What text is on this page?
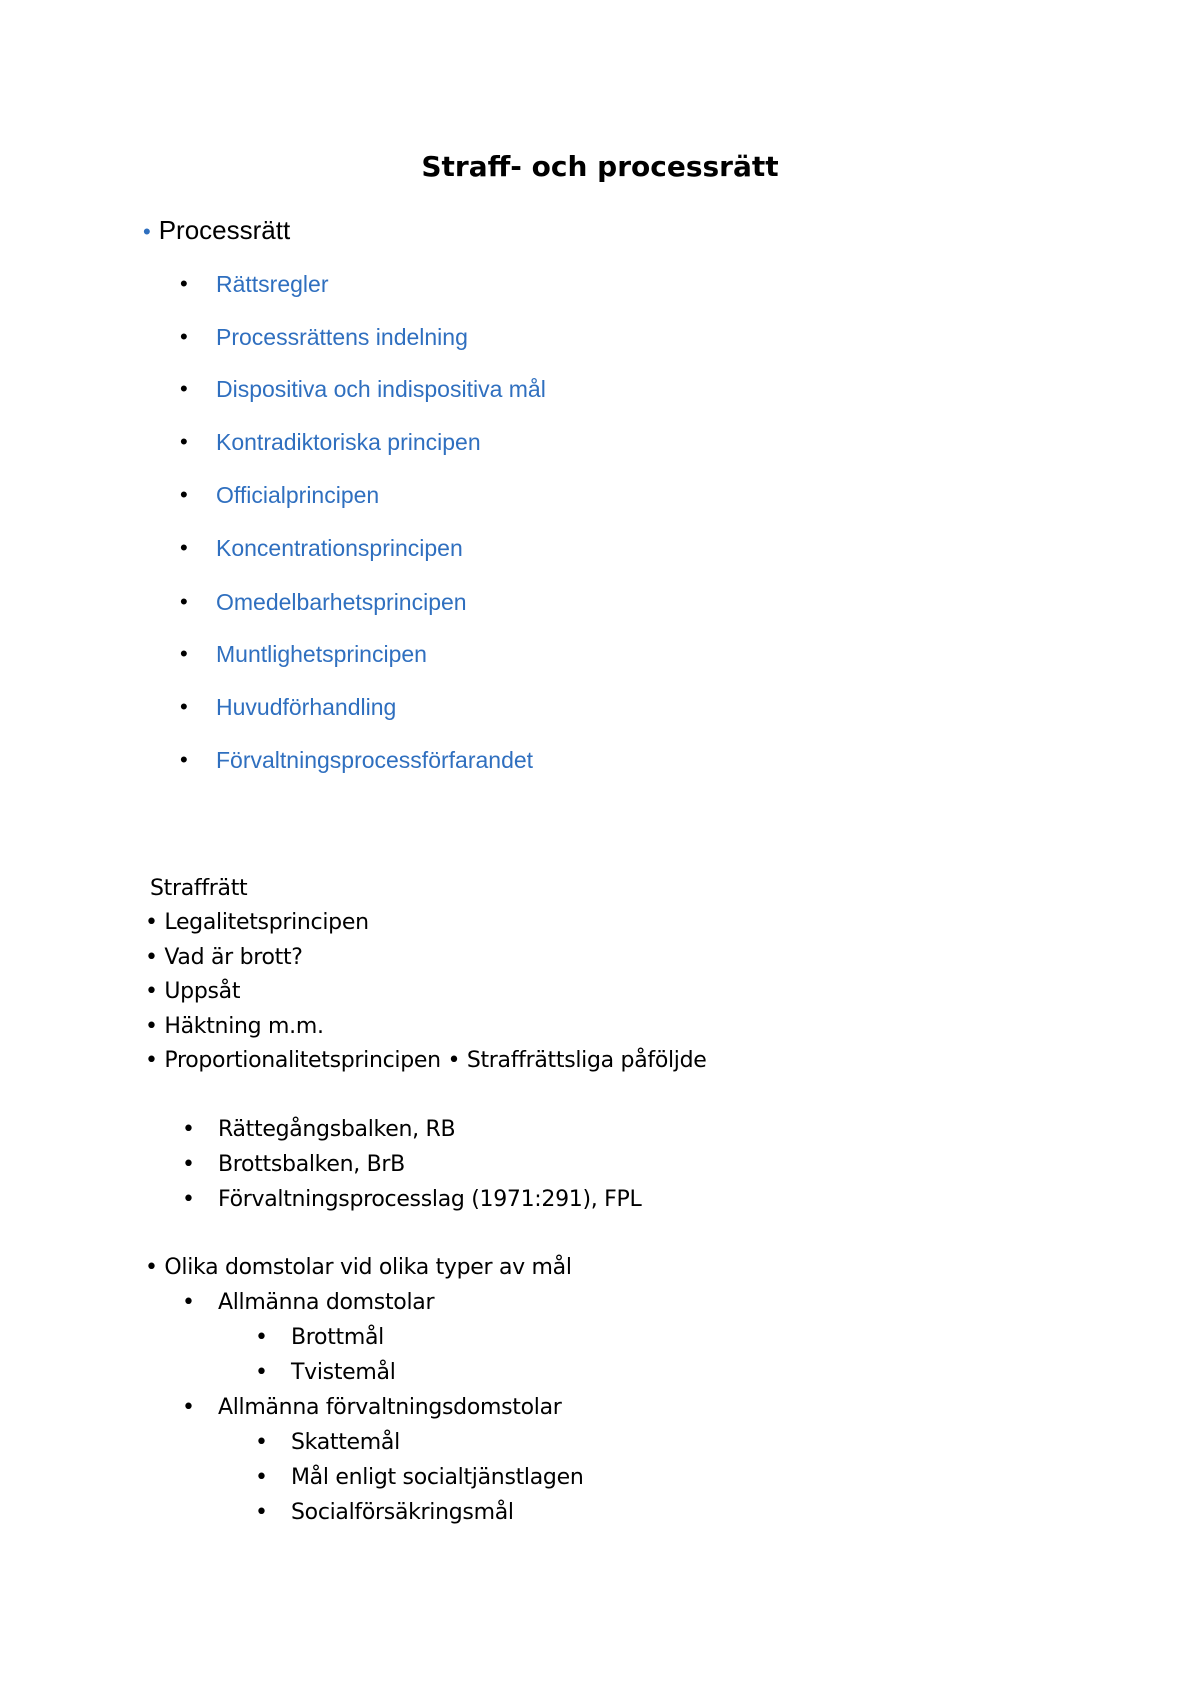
Straff- och processrätt
• Processrätt
• Rättsregler
• Processrättens indelning
• Dispositiva och indispositiva mål
• Kontradiktoriska principen
• Officialprincipen
• Koncentrationsprincipen
• Omedelbarhetsprincipen
• Muntlighetsprincipen
• Huvudförhandling
• Förvaltningsprocessförfarandet
Straffrätt
• Legalitetsprincipen
• Vad är brott?
• Uppsåt
• Häktning m.m.
• Proportionalitetsprincipen • Straffrättsliga påföljde
• Rättegångsbalken, RB
• Brottsbalken, BrB
• Förvaltningsprocesslag (1971:291), FPL
• Olika domstolar vid olika typer av mål
• Allmänna domstolar
• Brottmål
• Tvistemål
• Allmänna förvaltningsdomstolar
• Skattemål
• Mål enligt socialtjänstlagen
• Socialförsäkringsmål
